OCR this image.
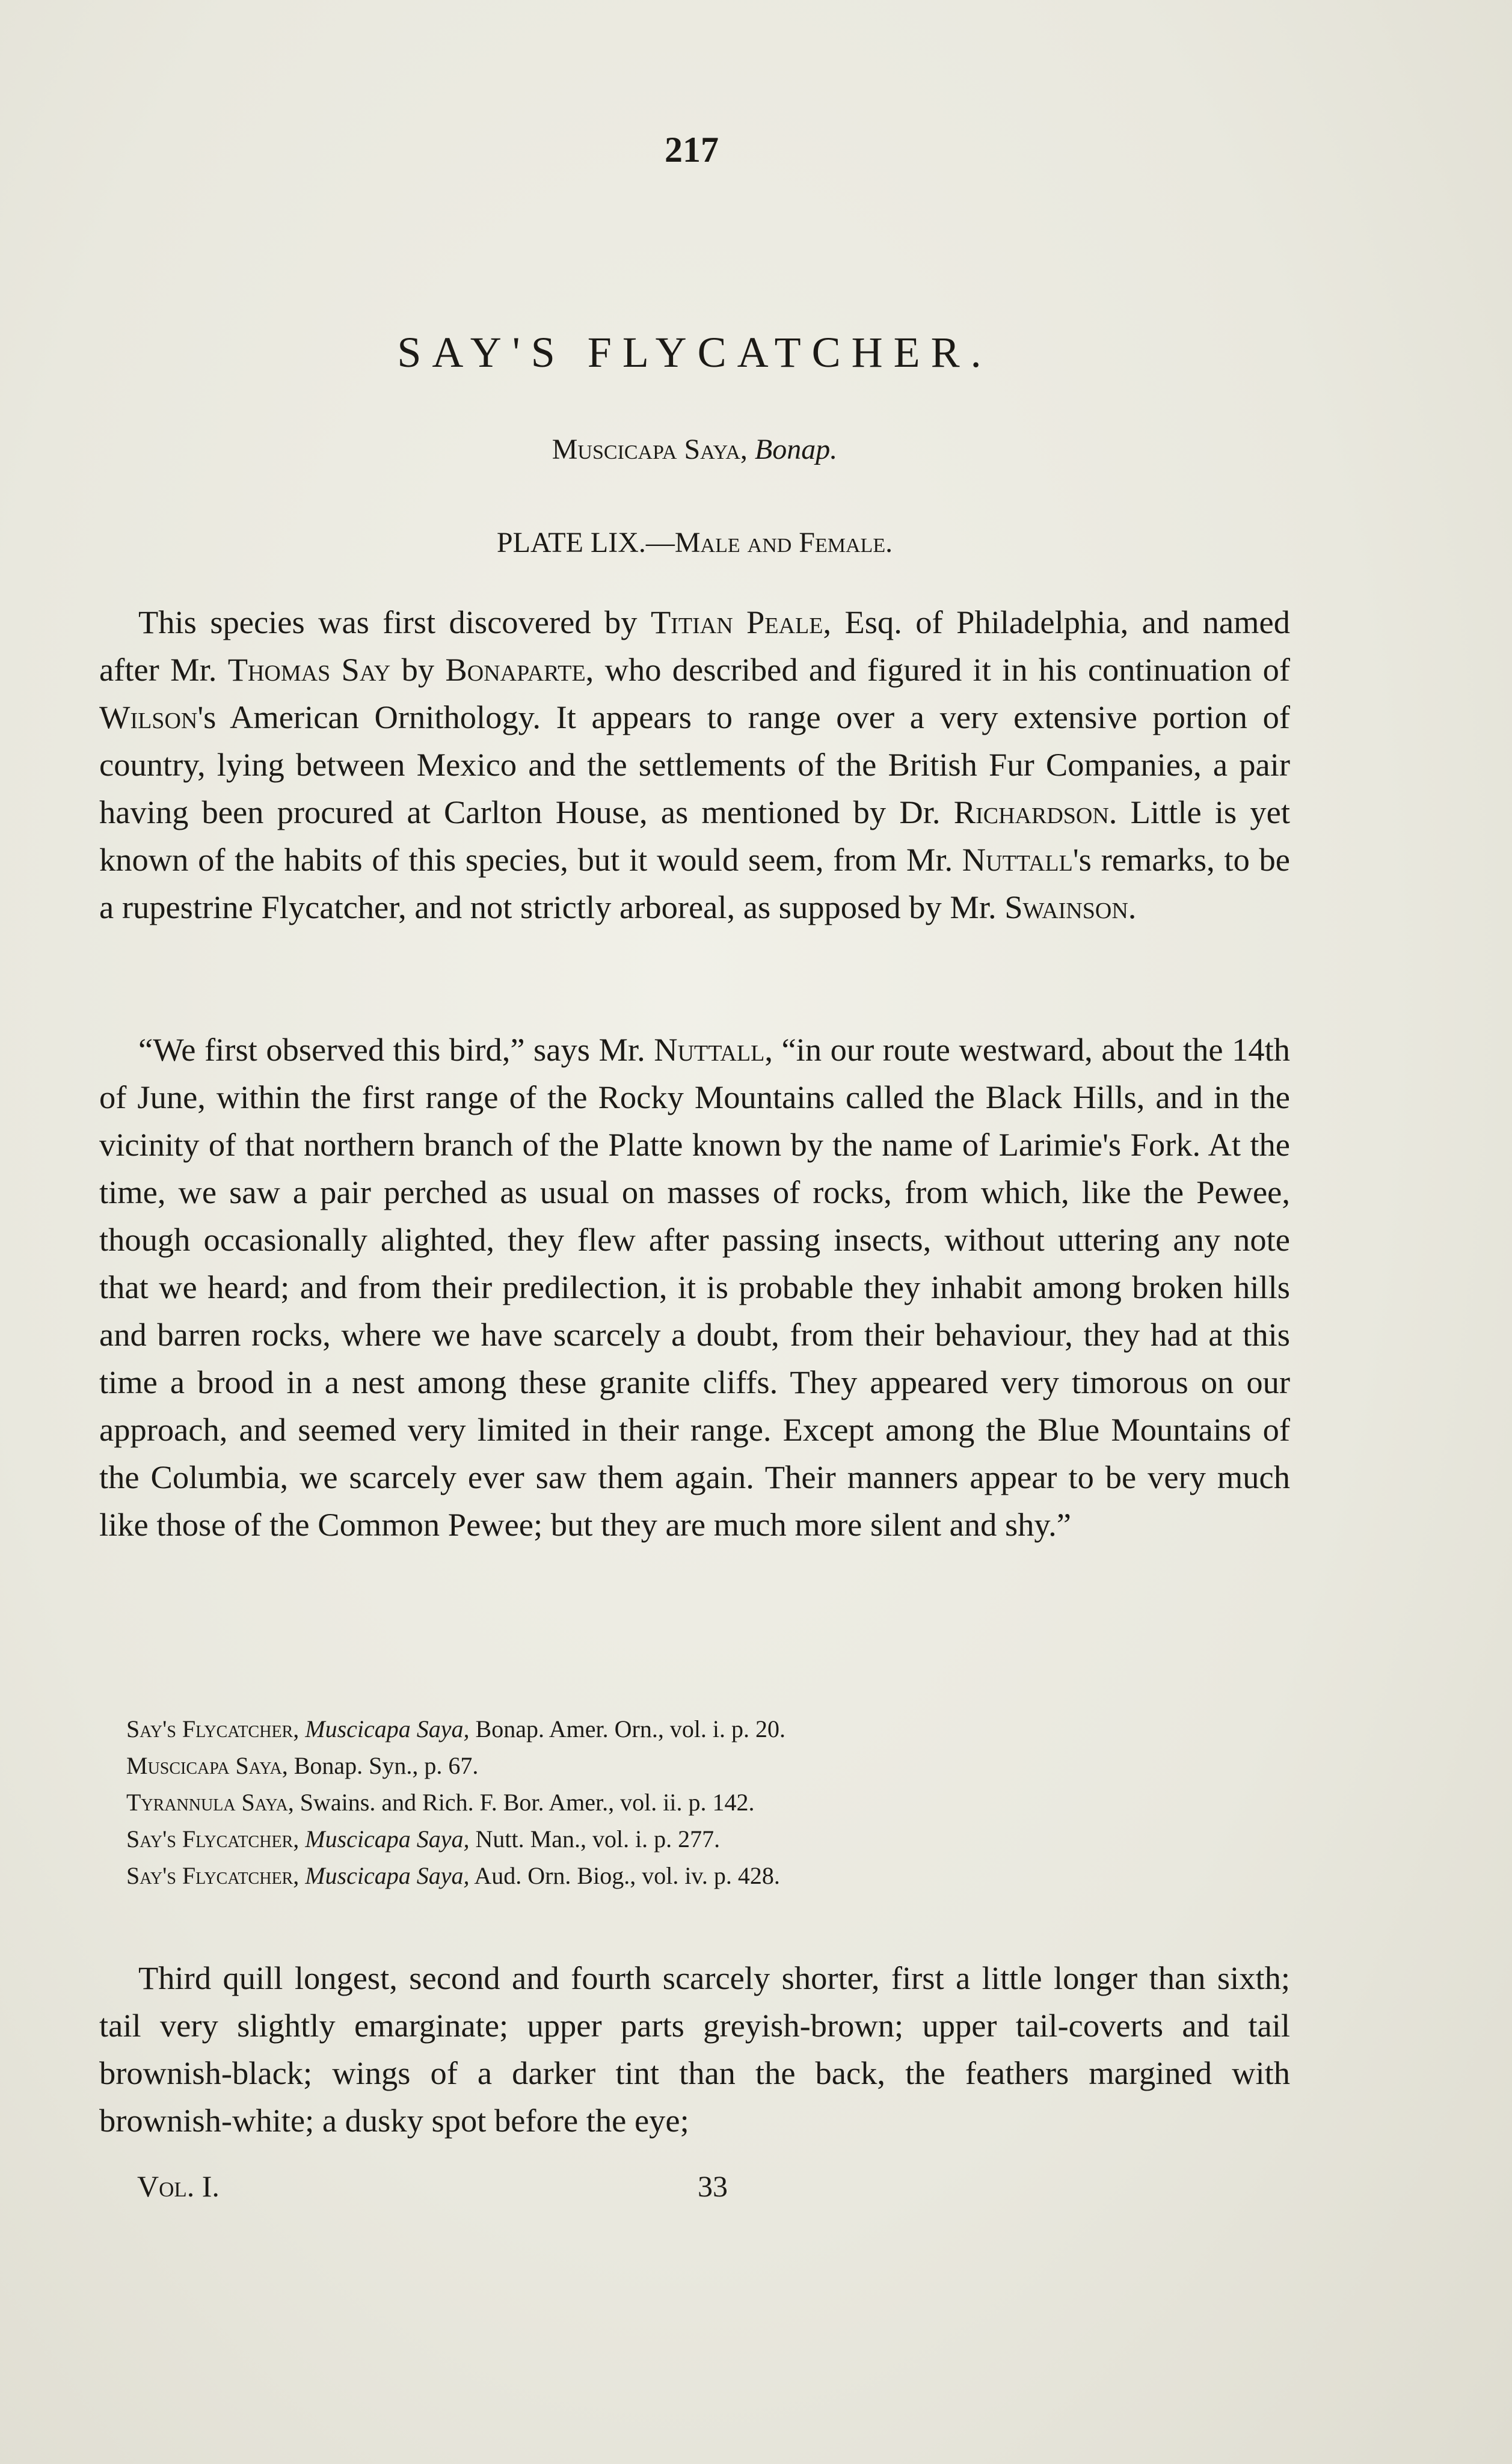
217
SAY'S FLYCATCHER.
Muscicapa Saya, Bonap.
PLATE LIX.—Male and Female.

This species was first discovered by Titian Peale, Esq. of Philadelphia, and named after Mr. Thomas Say by Bonaparte, who described and figured it in his continuation of Wilson's American Ornithology. It appears to range over a very extensive portion of country, lying between Mexico and the settlements of the British Fur Companies, a pair having been procured at Carlton House, as mentioned by Dr. Richardson. Little is yet known of the habits of this species, but it would seem, from Mr. Nuttall's remarks, to be a rupestrine Flycatcher, and not strictly arboreal, as supposed by Mr. Swainson.

“We first observed this bird,” says Mr. Nuttall, “in our route westward, about the 14th of June, within the first range of the Rocky Mountains called the Black Hills, and in the vicinity of that northern branch of the Platte known by the name of Larimie's Fork. At the time, we saw a pair perched as usual on masses of rocks, from which, like the Pewee, though occasionally alighted, they flew after passing insects, without uttering any note that we heard; and from their predilection, it is probable they inhabit among broken hills and barren rocks, where we have scarcely a doubt, from their behaviour, they had at this time a brood in a nest among these granite cliffs. They appeared very timorous on our approach, and seemed very limited in their range. Except among the Blue Mountains of the Columbia, we scarcely ever saw them again. Their manners appear to be very much like those of the Common Pewee; but they are much more silent and shy.”

Say's Flycatcher, Muscicapa Saya, Bonap. Amer. Orn., vol. i. p. 20.
Muscicapa Saya, Bonap. Syn., p. 67.
Tyrannula Saya, Swains. and Rich. F. Bor. Amer., vol. ii. p. 142.
Say's Flycatcher, Muscicapa Saya, Nutt. Man., vol. i. p. 277.
Say's Flycatcher, Muscicapa Saya, Aud. Orn. Biog., vol. iv. p. 428.

Third quill longest, second and fourth scarcely shorter, first a little longer than sixth; tail very slightly emarginate; upper parts greyish-brown; upper tail-coverts and tail brownish-black; wings of a darker tint than the back, the feathers margined with brownish-white; a dusky spot before the eye;

Vol. I.	33
